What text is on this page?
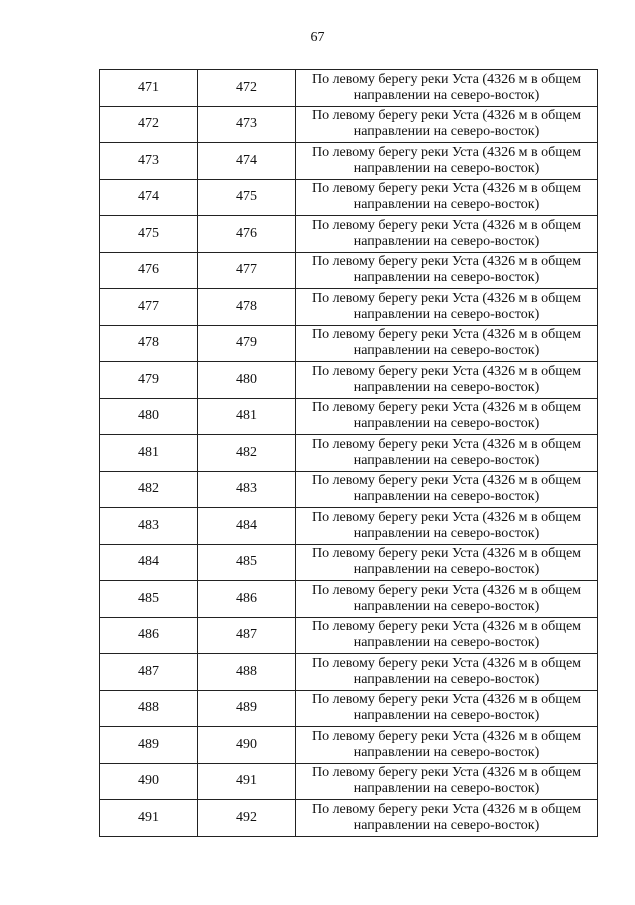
67
471	472	По левому берегу реки Уста (4326 м в общем направлении на северо-восток)

472	473	По левому берегу реки Уста (4326 м в общем направлении на северо-восток)

473	474	По левому берегу реки Уста (4326 м в общем направлении на северо-восток)

474	475	По левому берегу реки Уста (4326 м в общем направлении на северо-восток)

475	476	По левому берегу реки Уста (4326 м в общем направлении на северо-восток)

476	477	По левому берегу реки Уста (4326 м в общем направлении на северо-восток)

477	478	По левому берегу реки Уста (4326 м в общем направлении на северо-восток)

478	479	По левому берегу реки Уста (4326 м в общем направлении на северо-восток)

479	480	По левому берегу реки Уста (4326 м в общем направлении на северо-восток)

480	481	По левому берегу реки Уста (4326 м в общем направлении на северо-восток)

481	482	По левому берегу реки Уста (4326 м в общем направлении на северо-восток)

482	483	По левому берегу реки Уста (4326 м в общем направлении на северо-восток)

483	484	По левому берегу реки Уста (4326 м в общем направлении на северо-восток)

484	485	По левому берегу реки Уста (4326 м в общем направлении на северо-восток)

485	486	По левому берегу реки Уста (4326 м в общем направлении на северо-восток)

486	487	По левому берегу реки Уста (4326 м в общем направлении на северо-восток)

487	488	По левому берегу реки Уста (4326 м в общем направлении на северо-восток)

488	489	По левому берегу реки Уста (4326 м в общем направлении на северо-восток)

489	490	По левому берегу реки Уста (4326 м в общем направлении на северо-восток)

490	491	По левому берегу реки Уста (4326 м в общем направлении на северо-восток)

491	492	По левому берегу реки Уста (4326 м в общем направлении на северо-восток)
